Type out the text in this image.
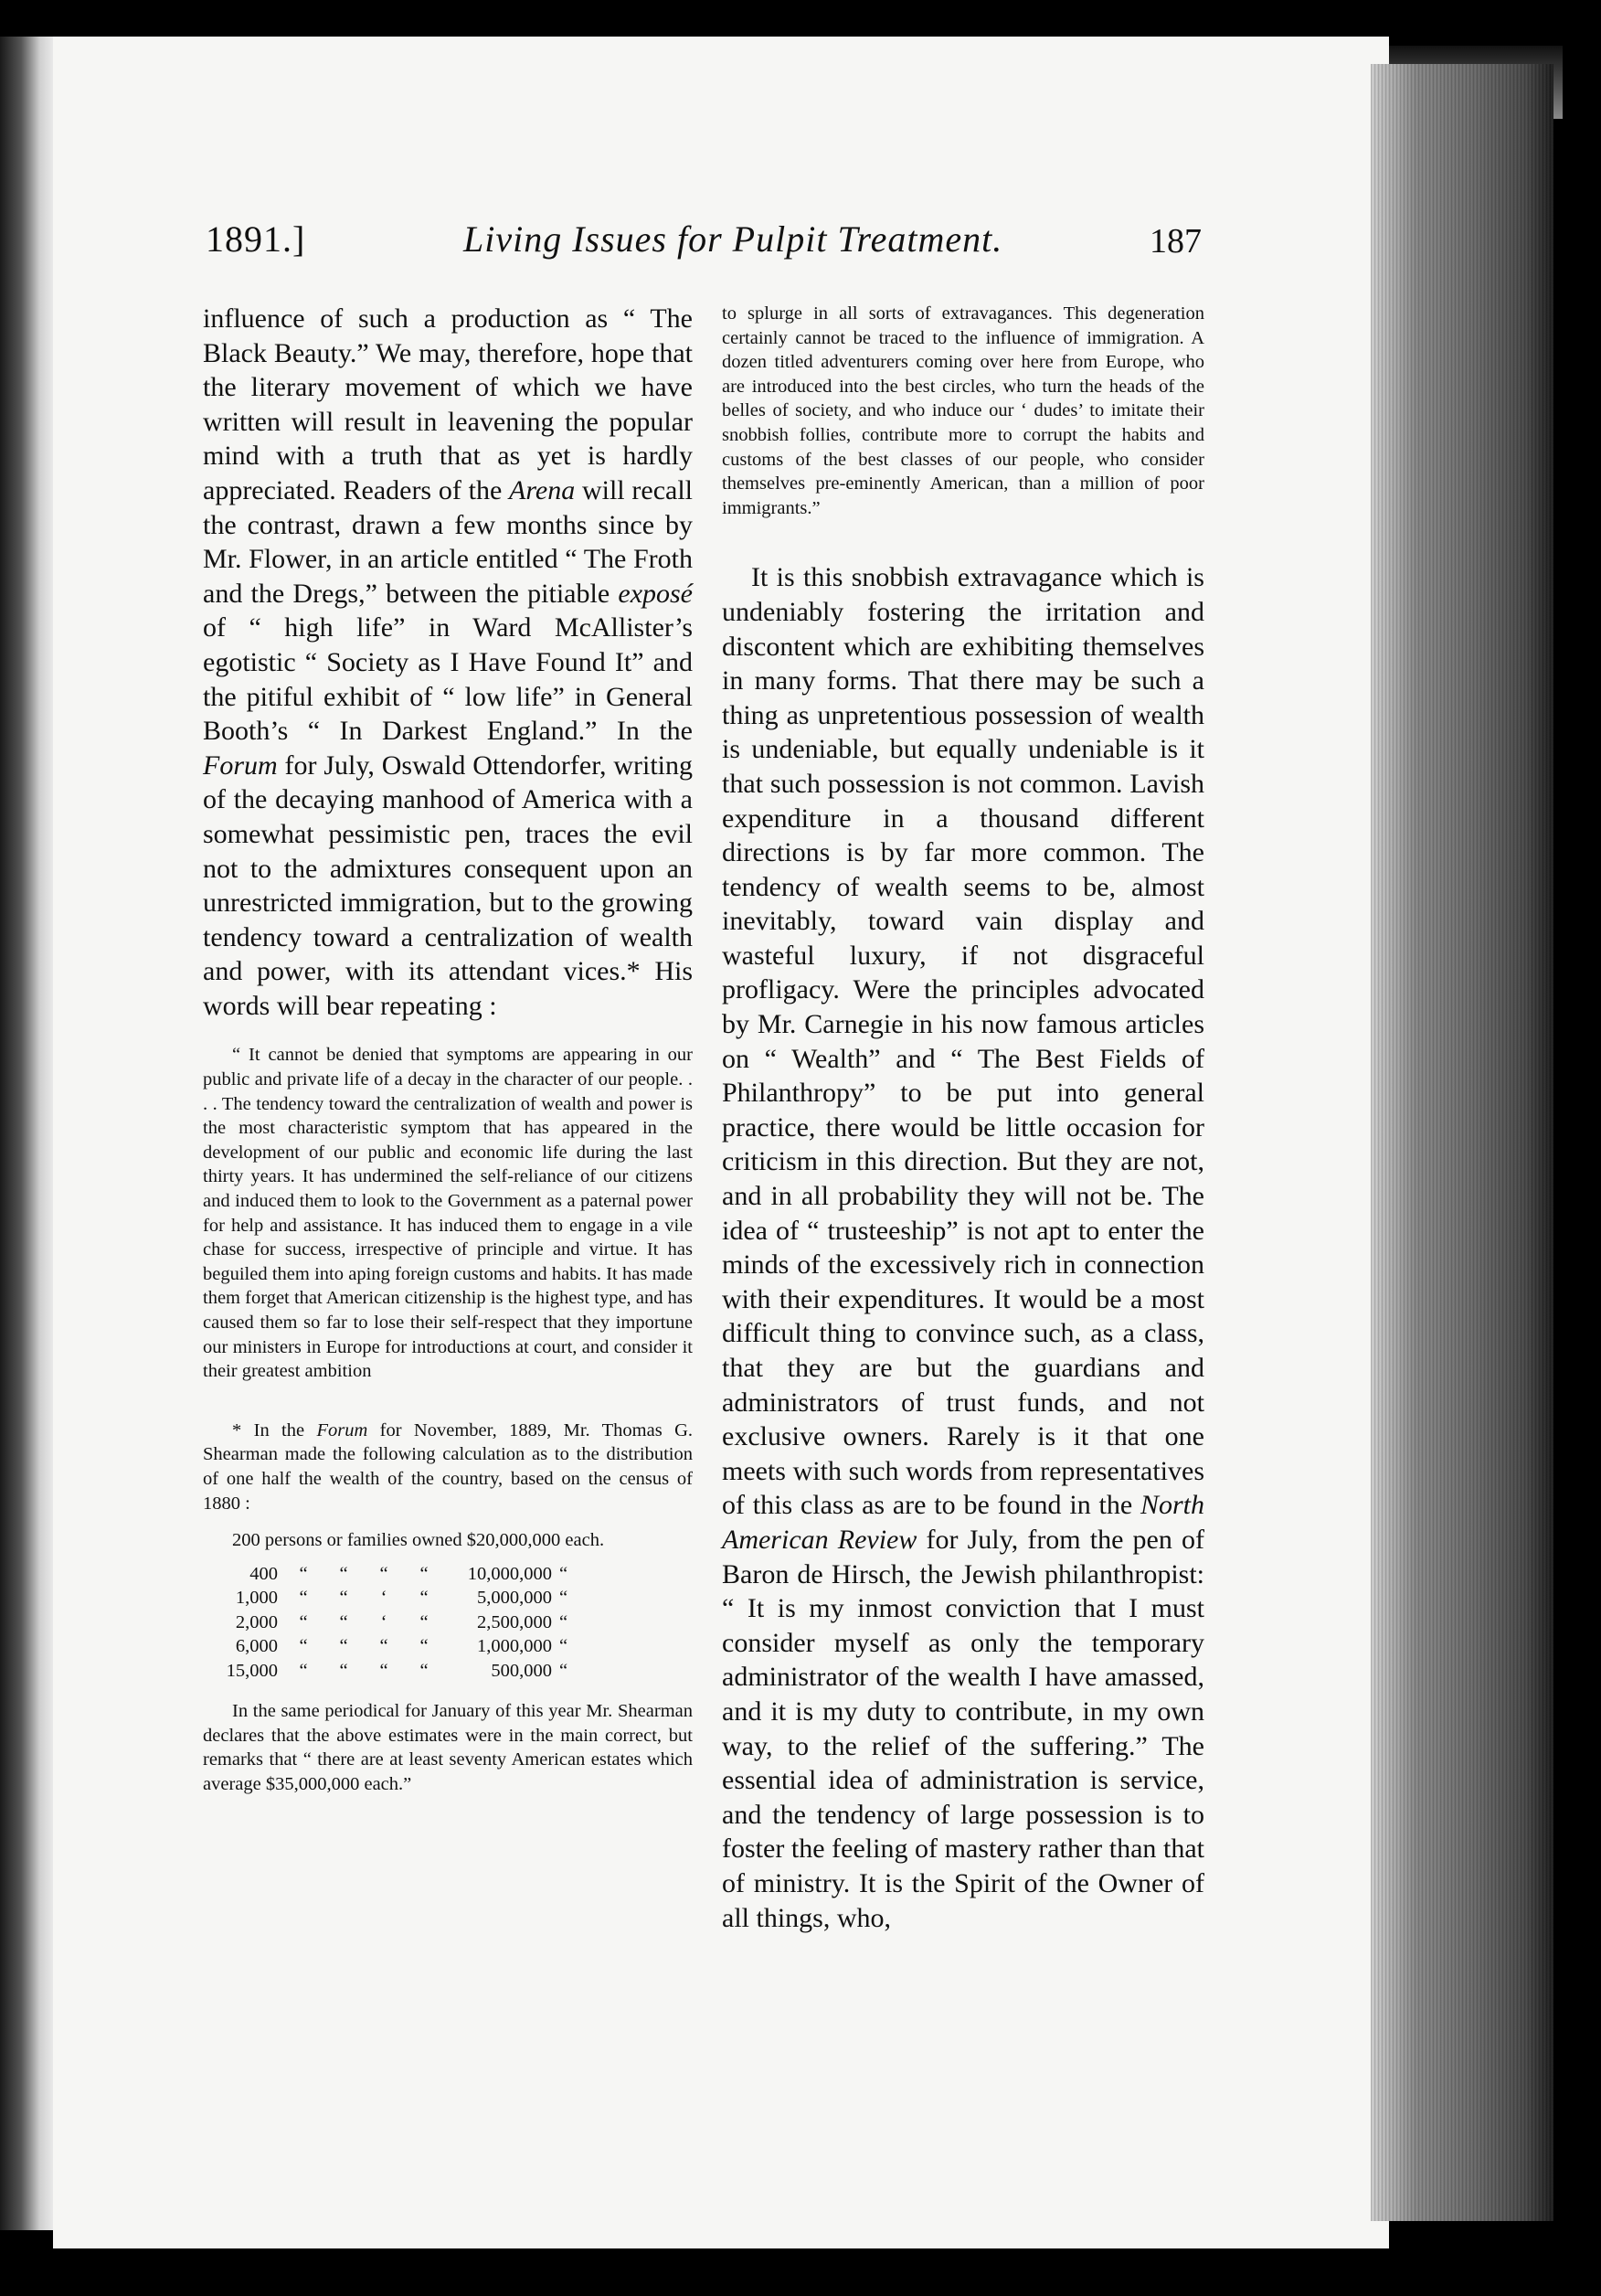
1891.]	Living Issues for Pulpit Treatment.	187

influence of such a production as “ The Black Beauty.” We may, therefore, hope that the literary movement of which we have written will result in leavening the popular mind with a truth that as yet is hardly appreciated. Readers of the Arena will recall the contrast, drawn a few months since by Mr. Flower, in an article entitled “ The Froth and the Dregs,” between the pitiable exposé of “ high life” in Ward McAllister’s egotistic “ Society as I Have Found It” and the pitiful exhibit of “ low life” in General Booth’s “ In Darkest England.” In the Forum for July, Oswald Ottendorfer, writing of the decaying manhood of America with a somewhat pessimistic pen, traces the evil not to the admixtures consequent upon an unrestricted immigration, but to the growing tendency toward a centralization of wealth and power, with its attendant vices.* His words will bear repeating :

“ It cannot be denied that symptoms are appearing in our public and private life of a decay in the character of our people. . . . The tendency toward the centralization of wealth and power is the most characteristic symptom that has appeared in the development of our public and economic life during the last thirty years. It has undermined the self-reliance of our citizens and induced them to look to the Government as a paternal power for help and assistance. It has induced them to engage in a vile chase for success, irrespective of principle and virtue. It has beguiled them into aping foreign customs and habits. It has made them forget that American citizenship is the highest type, and has caused them so far to lose their self-respect that they importune our ministers in Europe for introductions at court, and consider it their greatest ambition

* In the Forum for November, 1889, Mr. Thomas G. Shearman made the following calculation as to the distribution of one half the wealth of the country, based on the census of 1880 :

200 persons or families owned $20,000,000 each.
400	“	“	“	“	10,000,000	“
1,000	“	“	‘	“	5,000,000	“
2,000	“	“	‘	“	2,500,000	“
6,000	“	“	“	“	1,000,000	“
15,000	“	“	“	“	500,000	“

In the same periodical for January of this year Mr. Shearman declares that the above estimates were in the main correct, but remarks that “ there are at least seventy American estates which average $35,000,000 each.”

to splurge in all sorts of extravagances. This degeneration certainly cannot be traced to the influence of immigration. A dozen titled adventurers coming over here from Europe, who are introduced into the best circles, who turn the heads of the belles of society, and who induce our ‘ dudes’ to imitate their snobbish follies, contribute more to corrupt the habits and customs of the best classes of our people, who consider themselves pre-eminently American, than a million of poor immigrants.”

It is this snobbish extravagance which is undeniably fostering the irritation and discontent which are exhibiting themselves in many forms. That there may be such a thing as unpretentious possession of wealth is undeniable, but equally undeniable is it that such possession is not common. Lavish expenditure in a thousand different directions is by far more common. The tendency of wealth seems to be, almost inevitably, toward vain display and wasteful luxury, if not disgraceful profligacy. Were the principles advocated by Mr. Carnegie in his now famous articles on “ Wealth” and “ The Best Fields of Philanthropy” to be put into general practice, there would be little occasion for criticism in this direction. But they are not, and in all probability they will not be. The idea of “ trusteeship” is not apt to enter the minds of the excessively rich in connection with their expenditures. It would be a most difficult thing to convince such, as a class, that they are but the guardians and administrators of trust funds, and not exclusive owners. Rarely is it that one meets with such words from representatives of this class as are to be found in the North American Review for July, from the pen of Baron de Hirsch, the Jewish philanthropist: “ It is my inmost conviction that I must consider myself as only the temporary administrator of the wealth I have amassed, and it is my duty to contribute, in my own way, to the relief of the suffering.” The essential idea of administration is service, and the tendency of large possession is to foster the feeling of mastery rather than that of ministry. It is the Spirit of the Owner of all things, who,
